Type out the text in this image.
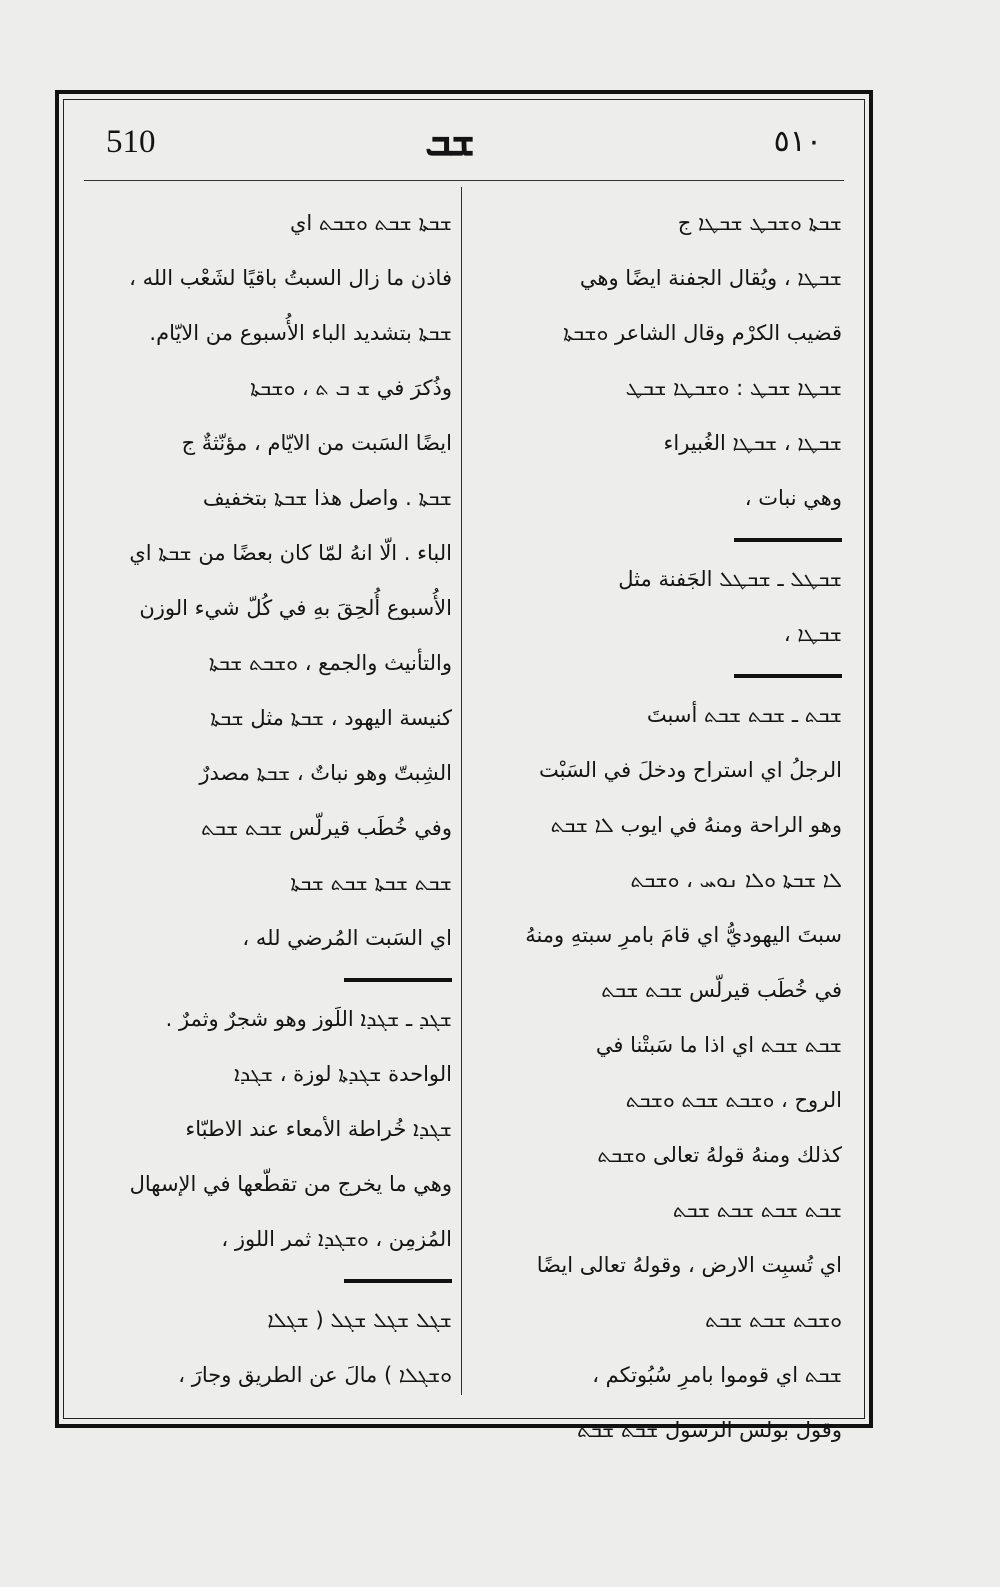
510	ܫܒ	٥١٠
ܫܒܬܐ ܘܫܒܛ ܫܒܛܐ ج
ܫܒܛܐ ، ويُقال الجفنة ايضًا وهي
قضيب الكرْم وقال الشاعر ܘܫܒܬܐ
ܫܒܛܐ ܫܒܛ : ܘܫܒܛܐ ܫܒܛ
ܫܒܛܐ ، ܫܒܛܐ الغُبيراء
وهي نبات ،
ܫܒܛܠ ـ ܫܒܛܠ الجَفنة مثل
ܫܒܛܐ ،
ܫܒܬ ـ ܫܒܬ ܫܒܬ أسبتَ
الرجلُ اي استراح ودخلَ في السَبْت
وهو الراحة ومنهُ في ايوب ܠܐ ܫܒܬ
ܠܐ ܫܒܬܐ ܘܠܐ ܢܘܚ ، ܘܫܒܬ
سبتَ اليهوديُّ اي قامَ بامرِ سبتهِ ومنهُ
في خُطَب قيرلّس ܫܒܬ ܫܒܬ
ܫܒܬ ܫܒܬ اي اذا ما سَبتْنا في
الروح ، ܘܫܒܬ ܫܒܬ ܘܫܒܬ
كذلك ومنهُ قولهُ تعالى ܘܫܒܬ
ܫܒܬ ܫܒܬ ܫܒܬ ܫܒܬ
اي تُسبِت الارض ، وقولهُ تعالى ايضًا
ܘܫܒܬ ܫܒܬ ܫܒܬ
ܫܒܬ اي قوموا بامرِ سُبُوتكم ،
وقول بولس الرسول ܫܒܬ ܫܒܬ
ܫܒܬܐ ܫܒܬ ܘܫܒܬ اي
فاذن ما زال السبتُ باقيًا لشَعْب الله ،
ܫܒܬܐ بتشديد الباء الأُسبوع من الايّام.
وذُكرَ في ܫ ܒ ܬ ، ܘܫܒܬܐ
ايضًا السَبت من الايّام ، مؤنّثةٌ ج
ܫܒܬܐ . واصل هذا ܫܒܬܐ بتخفيف
الباء . الّا انهُ لمّا كان بعضًا من ܫܒܬܐ اي
الأُسبوع أُلحِقَ بهِ في كُلّ شيء الوزن
والتأنيث والجمع ، ܘܫܒܬ ܫܒܬܐ
كنيسة اليهود ، ܫܒܬܐ مثل ܫܒܬܐ
الشِبتّ وهو نباتٌ ، ܫܒܬܐ مصدرٌ
وفي خُطَب قيرلّس ܫܒܬ ܫܒܬ
ܫܒܬ ܫܒܬܐ ܫܒܬ ܫܒܬܐ
اي السَبت المُرضي لله ،
ܫܓܕ ـ ܫܓܕܐ اللَوز وهو شجرٌ وثمرٌ .
الواحدة ܫܓܕܬܐ لوزة ، ܫܓܕܐ
ܫܓܕܐ خُراطة الأمعاء عند الاطبّاء
وهي ما يخرج من تقطّعها في الإسهال
المُزمِن ، ܘܫܓܕܐ ثمر اللوز ،
ܫܓܠ ܫܓܠ ܫܓܠ ( ܫܓܠܐ
ܘܫܓܠܐ ) مالَ عن الطريق وجارَ ،
